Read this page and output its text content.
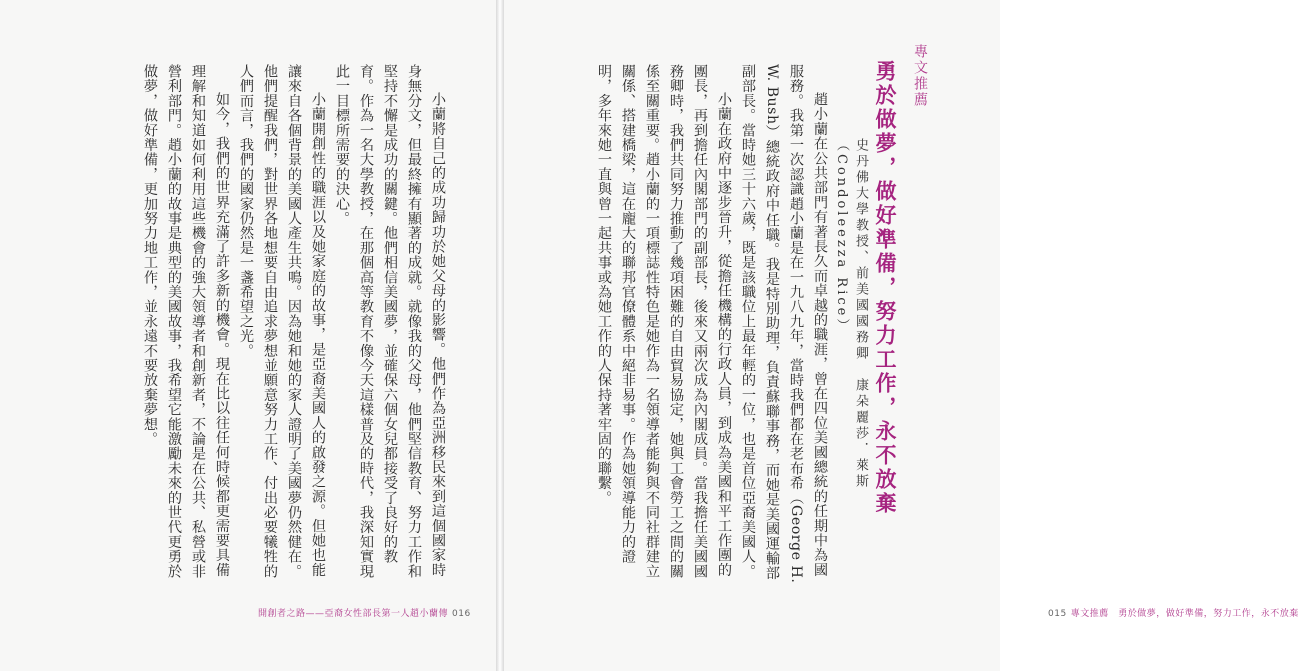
小蘭將自己的成功歸功於她父母的影響。他們作為亞洲移民來到這個國家時身無分文，但最終擁有顯著的成就。就像我的父母，他們堅信教育、努力工作和堅持不懈是成功的關鍵。他們相信美國夢，並確保六個女兒都接受了良好的教育。作為一名大學教授，在那個高等教育不像今天這樣普及的時代，我深知實現此一目標所需要的決心。

小蘭開創性的職涯以及她家庭的故事，是亞裔美國人的啟發之源。但她也能讓來自各個背景的美國人產生共鳴。因為她和她的家人證明了美國夢仍然健在。他們提醒我們，對世界各地想要自由追求夢想並願意努力工作、付出必要犧牲的人們而言，我們的國家仍然是一盞希望之光。

如今，我們的世界充滿了許多新的機會。現在比以往任何時候都更需要具備理解和知道如何利用這些機會的強大領導者和創新者，不論是在公共、私營或非營利部門。趙小蘭的故事是典型的美國故事，我希望它能激勵未來的世代更勇於做夢，做好準備，更加努力地工作，並永遠不要放棄夢想。

開創者之路——亞裔女性部長第一人趙小蘭傳 016

專文推薦

勇於做夢，做好準備，努力工作，永不放棄

史丹佛大學教授、前美國國務卿　康朵麗莎．萊斯（Condoleezza Rice）

趙小蘭在公共部門有著長久而卓越的職涯，曾在四位美國總統的任期中為國服務。我第一次認識趙小蘭是在一九八九年，當時我們都在老布希（George H. W. Bush）總統政府中任職。我是特別助理，負責蘇聯事務，而她是美國運輸部副部長。當時她三十六歲，既是該職位上最年輕的一位，也是首位亞裔美國人。

小蘭在政府中逐步晉升，從擔任機構的行政人員，到成為美國和平工作團的團長，再到擔任內閣部門的副部長，後來又兩次成為內閣成員。當我擔任美國國務卿時，我們共同努力推動了幾項困難的自由貿易協定，她與工會勞工之間的關係至關重要。趙小蘭的一項標誌性特色是她作為一名領導者能夠與不同社群建立關係、搭建橋梁，這在龐大的聯邦官僚體系中絕非易事。作為她領導能力的證明，多年來她一直與曾一起共事或為她工作的人保持著牢固的聯繫。

015 專文推薦　勇於做夢，做好準備，努力工作，永不放棄
